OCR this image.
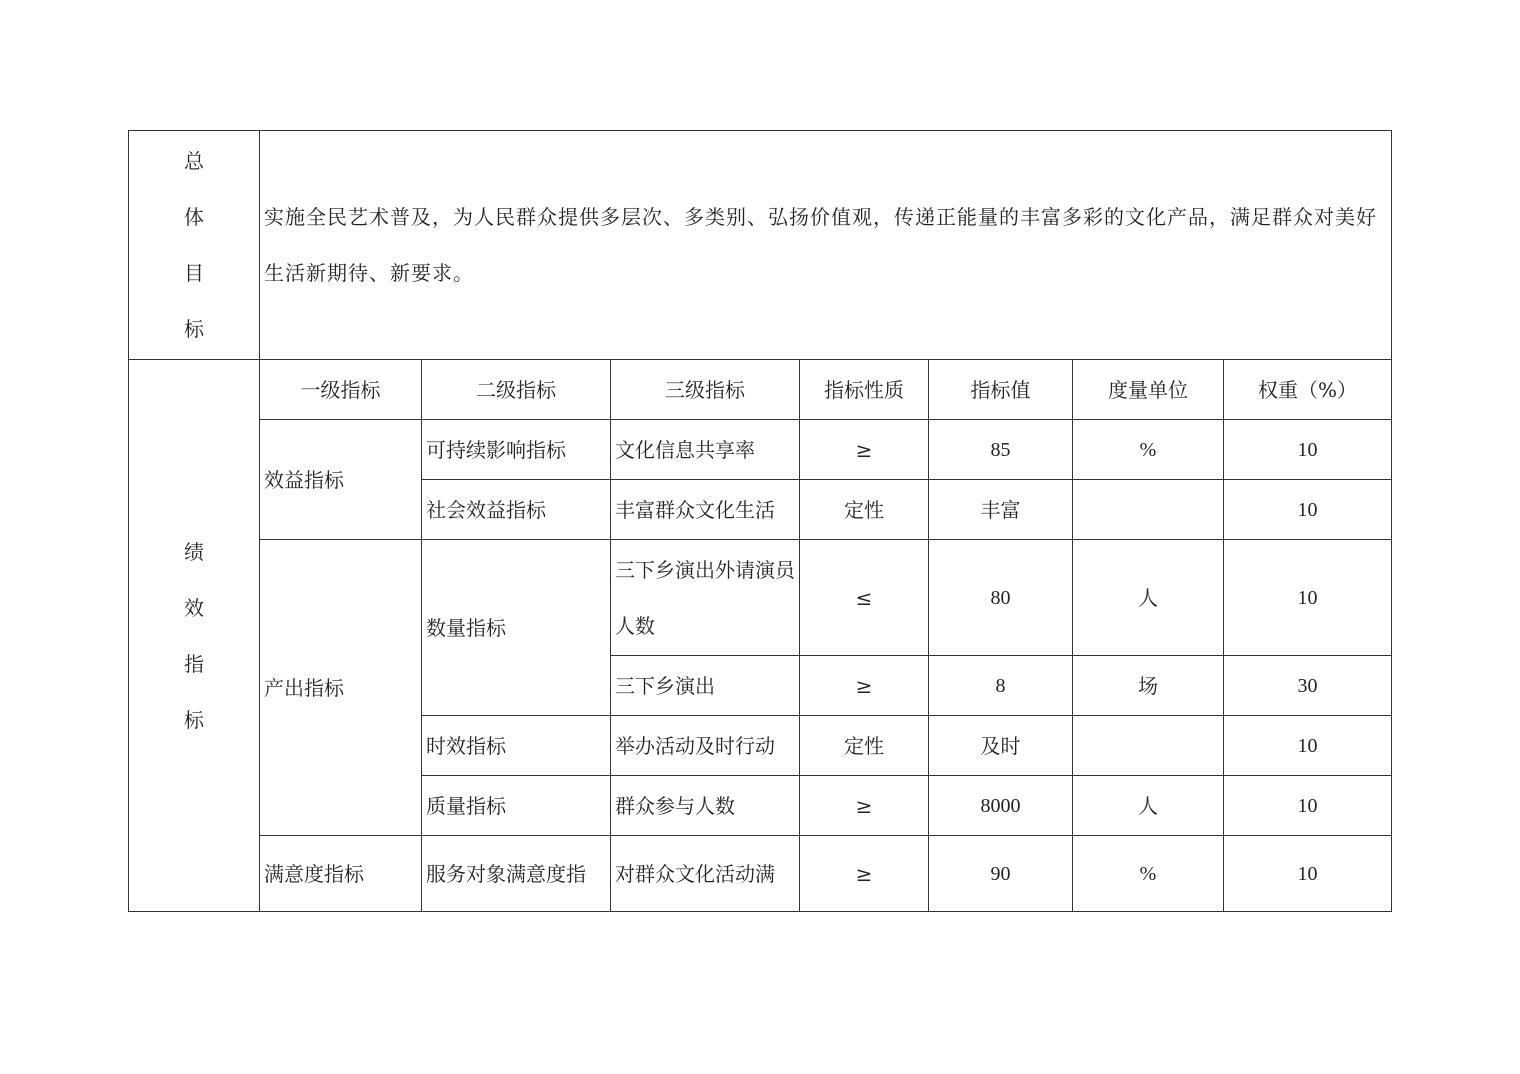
总
体
目
标	实施全民艺术普及，为人民群众提供多层次、多类别、弘扬价值观，传递正能量的丰富多彩的文化产品，满足群众对美好生活新期待、新要求。						

绩
效
指
标	一级指标	二级指标	三级指标	指标性质	指标值	度量单位	权重（%）
	效益指标	可持续影响指标	文化信息共享率	≥	85	%	10
		社会效益指标	丰富群众文化生活	定性	丰富		10
	产出指标	数量指标	三下乡演出外请演员人数	≤	80	人	10
			三下乡演出	≥	8	场	30
		时效指标	举办活动及时行动	定性	及时		10
		质量指标	群众参与人数	≥	8000	人	10
	满意度指标	服务对象满意度指	对群众文化活动满	≥	90	%	10
